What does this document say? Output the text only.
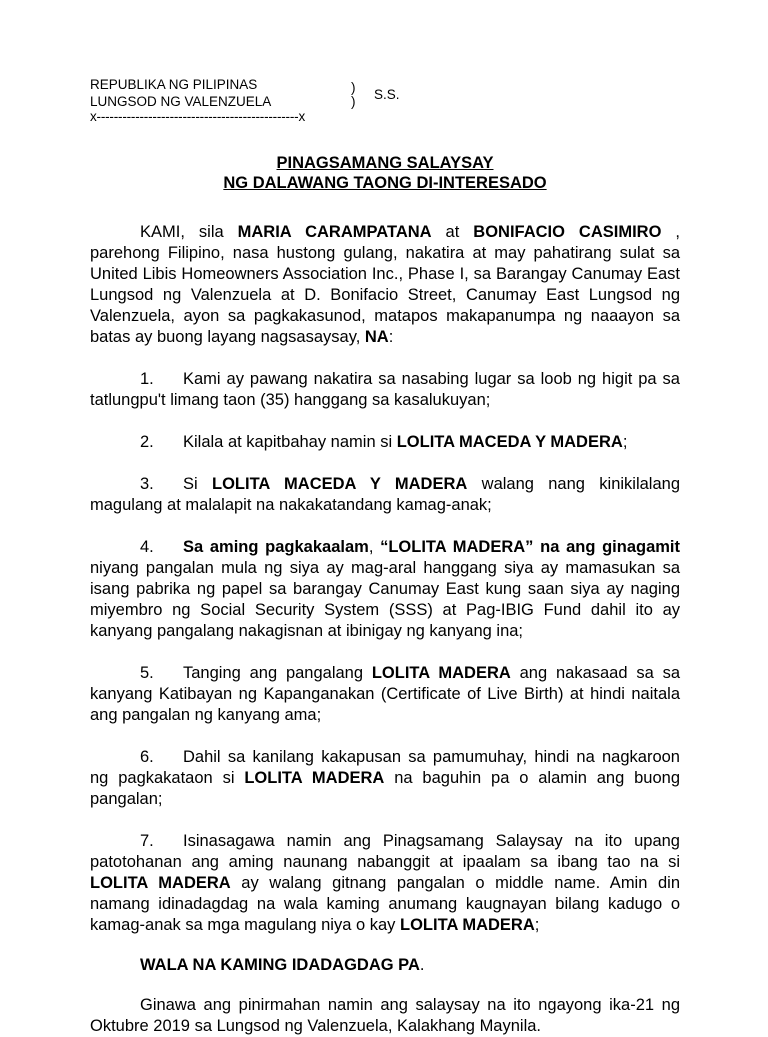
REPUBLIKA NG PILIPINAS
LUNGSOD NG VALENZUELA
x-----------------------------------------------x
)
) S.S.
PINAGSAMANG SALAYSAY
NG DALAWANG TAONG DI-INTERESADO

KAMI, sila MARIA CARAMPATANA at BONIFACIO CASIMIRO , parehong Filipino, nasa hustong gulang, nakatira at may pahatirang sulat sa United Libis Homeowners Association Inc., Phase I, sa Barangay Canumay East Lungsod ng Valenzuela at D. Bonifacio Street, Canumay East Lungsod ng Valenzuela, ayon sa pagkakasunod, matapos makapanumpa ng naaayon sa batas ay buong layang nagsasaysay, NA:

1. Kami ay pawang nakatira sa nasabing lugar sa loob ng higit pa sa tatlungpu't limang taon (35) hanggang sa kasalukuyan;

2. Kilala at kapitbahay namin si LOLITA MACEDA Y MADERA;

3. Si LOLITA MACEDA Y MADERA walang nang kinikilalang magulang at malalapit na nakakatandang kamag-anak;

4. Sa aming pagkakaalam, “LOLITA MADERA” na ang ginagamit niyang pangalan mula ng siya ay mag-aral hanggang siya ay mamasukan sa isang pabrika ng papel sa barangay Canumay East kung saan siya ay naging miyembro ng Social Security System (SSS) at Pag-IBIG Fund dahil ito ay kanyang pangalang nakagisnan at ibinigay ng kanyang ina;

5. Tanging ang pangalang LOLITA MADERA ang nakasaad sa sa kanyang Katibayan ng Kapanganakan (Certificate of Live Birth) at hindi naitala ang pangalan ng kanyang ama;

6. Dahil sa kanilang kakapusan sa pamumuhay, hindi na nagkaroon ng pagkakataon si LOLITA MADERA na baguhin pa o alamin ang buong pangalan;

7. Isinasagawa namin ang Pinagsamang Salaysay na ito upang patotohanan ang aming naunang nabanggit at ipaalam sa ibang tao na si LOLITA MADERA ay walang gitnang pangalan o middle name. Amin din namang idinadagdag na wala kaming anumang kaugnayan bilang kadugo o kamag-anak sa mga magulang niya o kay LOLITA MADERA;

WALA NA KAMING IDADAGDAG PA.

Ginawa ang pinirmahan namin ang salaysay na ito ngayong ika-21 ng Oktubre 2019 sa Lungsod ng Valenzuela, Kalakhang Maynila.
